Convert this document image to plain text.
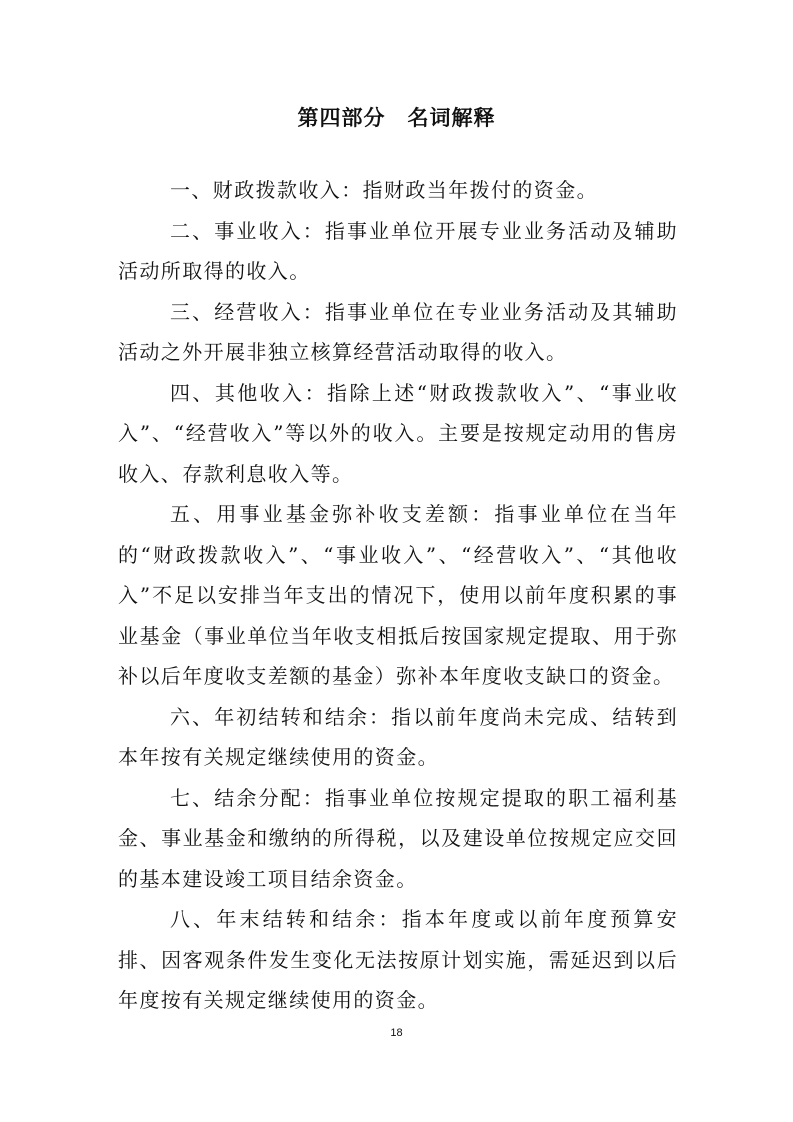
第四部分　名词解释

一、财政拨款收入：指财政当年拨付的资金。

二、事业收入：指事业单位开展专业业务活动及辅助活动所取得的收入。

三、经营收入：指事业单位在专业业务活动及其辅助活动之外开展非独立核算经营活动取得的收入。

四、其他收入：指除上述“财政拨款收入”、“事业收入”、“经营收入”等以外的收入。主要是按规定动用的售房收入、存款利息收入等。

五、用事业基金弥补收支差额：指事业单位在当年的“财政拨款收入”、“事业收入”、“经营收入”、“其他收入”不足以安排当年支出的情况下，使用以前年度积累的事业基金（事业单位当年收支相抵后按国家规定提取、用于弥补以后年度收支差额的基金）弥补本年度收支缺口的资金。

六、年初结转和结余：指以前年度尚未完成、结转到本年按有关规定继续使用的资金。

七、结余分配：指事业单位按规定提取的职工福利基金、事业基金和缴纳的所得税，以及建设单位按规定应交回的基本建设竣工项目结余资金。

八、年末结转和结余：指本年度或以前年度预算安排、因客观条件发生变化无法按原计划实施，需延迟到以后年度按有关规定继续使用的资金。

18
